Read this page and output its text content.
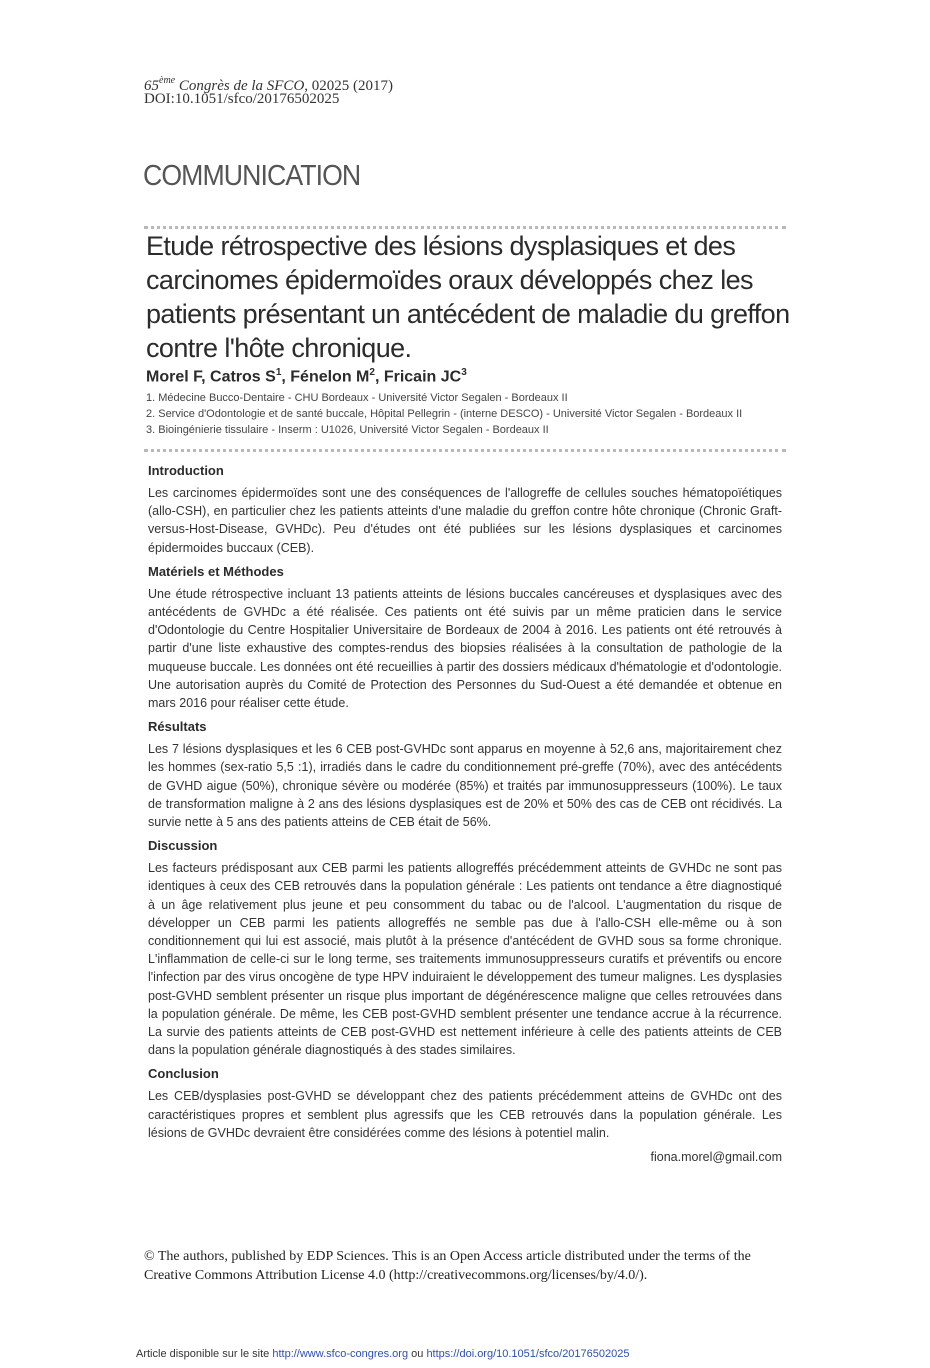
65ème Congrès de la SFCO, 02025 (2017)
DOI:10.1051/sfco/20176502025
COMMUNICATION
Etude rétrospective des lésions dysplasiques et des carcinomes épidermoïdes oraux développés chez les patients présentant un antécédent de maladie du greffon contre l'hôte chronique.
Morel F, Catros $S^1$, Fénelon $M^2$, Fricain $JC^3$
1. Médecine Bucco-Dentaire - CHU Bordeaux - Université Victor Segalen - Bordeaux II
2. Service d'Odontologie et de santé buccale, Hôpital Pellegrin - (interne DESCO) - Université Victor Segalen - Bordeaux II
3. Bioingénierie tissulaire - Inserm : U1026, Université Victor Segalen - Bordeaux II
Introduction

Les carcinomes épidermoïdes sont une des conséquences de l'allogreffe de cellules souches hématopoïétiques (allo-CSH), en particulier chez les patients atteints d'une maladie du greffon contre hôte chronique (Chronic Graft-versus-Host-Disease, GVHDc). Peu d'études ont été publiées sur les lésions dysplasiques et carcinomes épidermoides buccaux (CEB).

Matériels et Méthodes

Une étude rétrospective incluant 13 patients atteints de lésions buccales cancéreuses et dysplasiques avec des antécédents de GVHDc a été réalisée. Ces patients ont été suivis par un même praticien dans le service d'Odontologie du Centre Hospitalier Universitaire de Bordeaux de 2004 à 2016. Les patients ont été retrouvés à partir d'une liste exhaustive des comptes-rendus des biopsies réalisées à la consultation de pathologie de la muqueuse buccale. Les données ont été recueillies à partir des dossiers médicaux d'hématologie et d'odontologie. Une autorisation auprès du Comité de Protection des Personnes du Sud-Ouest a été demandée et obtenue en mars 2016 pour réaliser cette étude.

Résultats

Les 7 lésions dysplasiques et les 6 CEB post-GVHDc sont apparus en moyenne à 52,6 ans, majoritairement chez les hommes (sex-ratio 5,5 :1), irradiés dans le cadre du conditionnement pré-greffe (70%), avec des antécédents de GVHD aigue (50%), chronique sévère ou modérée (85%) et traités par immunosuppresseurs (100%). Le taux de transformation maligne à 2 ans des lésions dysplasiques est de 20% et 50% des cas de CEB ont récidivés. La survie nette à 5 ans des patients atteins de CEB était de 56%.

Discussion

Les facteurs prédisposant aux CEB parmi les patients allogreffés précédemment atteints de GVHDc ne sont pas identiques à ceux des CEB retrouvés dans la population générale : Les patients ont tendance a être diagnostiqué à un âge relativement plus jeune et peu consomment du tabac ou de l'alcool. L'augmentation du risque de développer un CEB parmi les patients allogreffés ne semble pas due à l'allo-CSH elle-même ou à son conditionnement qui lui est associé, mais plutôt à la présence d'antécédent de GVHD sous sa forme chronique. L'inflammation de celle-ci sur le long terme, ses traitements immunosuppresseurs curatifs et préventifs ou encore l'infection par des virus oncogène de type HPV induiraient le développement des tumeur malignes. Les dysplasies post-GVHD semblent présenter un risque plus important de dégénérescence maligne que celles retrouvées dans la population générale. De même, les CEB post-GVHD semblent présenter une tendance accrue à la récurrence. La survie des patients atteints de CEB post-GVHD est nettement inférieure à celle des patients atteints de CEB dans la population générale diagnostiqués à des stades similaires.

Conclusion

Les CEB/dysplasies post-GVHD se développant chez des patients précédemment atteins de GVHDc ont des caractéristiques propres et semblent plus agressifs que les CEB retrouvés dans la population générale. Les lésions de GVHDc devraient être considérées comme des lésions à potentiel malin.

fiona.morel@gmail.com
© The authors, published by EDP Sciences. This is an Open Access article distributed under the terms of the Creative Commons Attribution License 4.0 (http://creativecommons.org/licenses/by/4.0/).
Article disponible sur le site http://www.sfco-congres.org ou https://doi.org/10.1051/sfco/20176502025
